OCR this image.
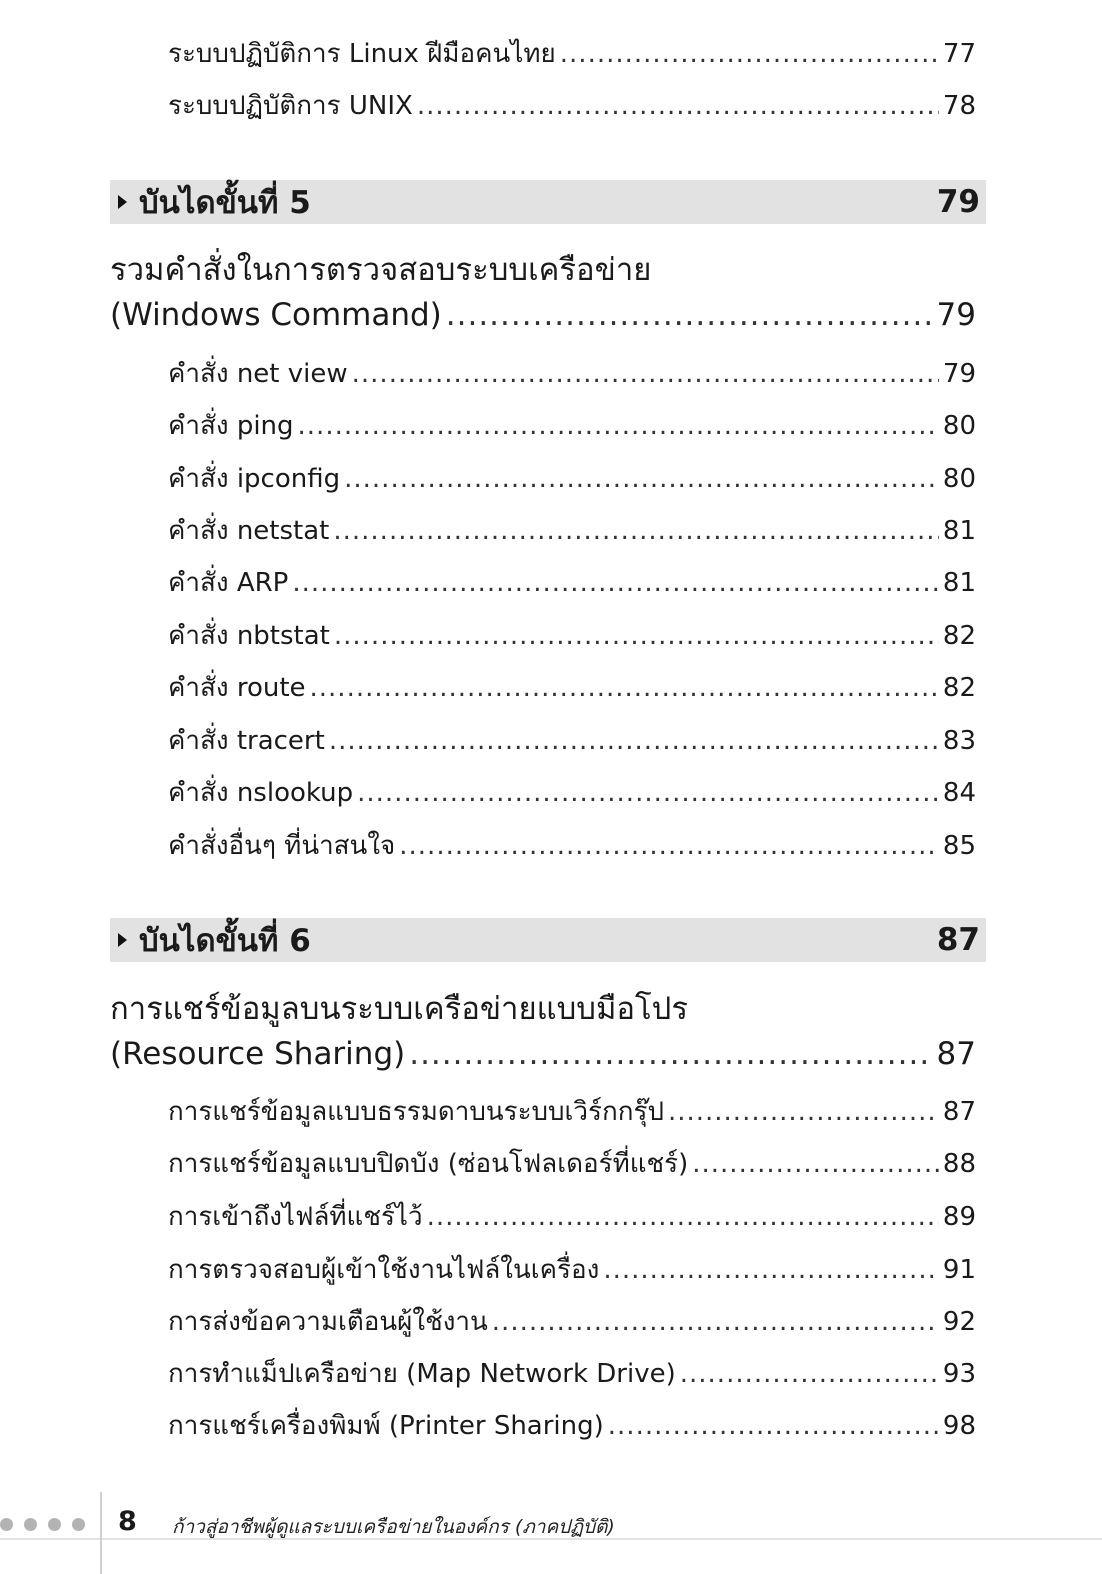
ระบบปฏิบัติการ Linux ฝีมือคนไทย .....	77
ระบบปฏิบัติการ UNIX .....	78
บันไดขั้นที่ 5	79
รวมคำสั่งในการตรวจสอบระบบเครือข่าย
(Windows Command) .....	79
คำสั่ง net view .....	79
คำสั่ง ping .....	80
คำสั่ง ipconfig .....	80
คำสั่ง netstat .....	81
คำสั่ง ARP .....	81
คำสั่ง nbtstat .....	82
คำสั่ง route .....	82
คำสั่ง tracert .....	83
คำสั่ง nslookup .....	84
คำสั่งอื่นๆ ที่น่าสนใจ .....	85
บันไดขั้นที่ 6	87
การแชร์ข้อมูลบนระบบเครือข่ายแบบมือโปร
(Resource Sharing) .....	87
การแชร์ข้อมูลแบบธรรมดาบนระบบเวิร์กกรุ๊ป .....	87
การแชร์ข้อมูลแบบปิดบัง (ซ่อนโฟลเดอร์ที่แชร์) .....	88
การเข้าถึงไฟล์ที่แชร์ไว้ .....	89
การตรวจสอบผู้เข้าใช้งานไฟล์ในเครื่อง .....	91
การส่งข้อความเตือนผู้ใช้งาน .....	92
การทำแม็ปเครือข่าย (Map Network Drive) .....	93
การแชร์เครื่องพิมพ์ (Printer Sharing) .....	98
8 ก้าวสู่อาชีพผู้ดูแลระบบเครือข่ายในองค์กร (ภาคปฏิบัติ)
